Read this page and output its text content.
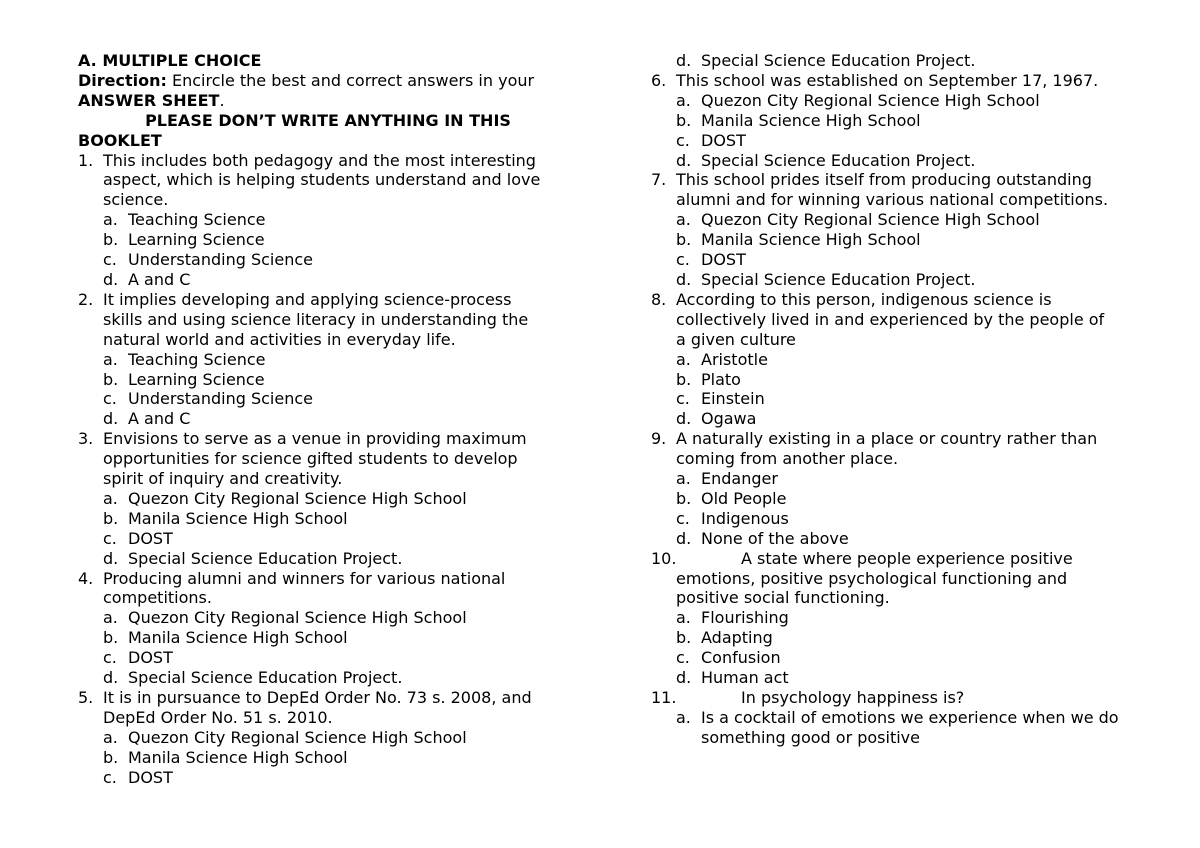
A. MULTIPLE CHOICE
Direction: Encircle the best and correct answers in your
ANSWER SHEET.
PLEASE DON’T WRITE ANYTHING IN THIS
BOOKLET
1. This includes both pedagogy and the most interesting
aspect, which is helping students understand and love
science.
a. Teaching Science
b. Learning Science
c. Understanding Science
d. A and C
2. It implies developing and applying science-process
skills and using science literacy in understanding the
natural world and activities in everyday life.
a. Teaching Science
b. Learning Science
c. Understanding Science
d. A and C
3. Envisions to serve as a venue in providing maximum
opportunities for science gifted students to develop
spirit of inquiry and creativity.
a. Quezon City Regional Science High School
b. Manila Science High School
c. DOST
d. Special Science Education Project.
4. Producing alumni and winners for various national
competitions.
a. Quezon City Regional Science High School
b. Manila Science High School
c. DOST
d. Special Science Education Project.
5. It is in pursuance to DepEd Order No. 73 s. 2008, and
DepEd Order No. 51 s. 2010.
a. Quezon City Regional Science High School
b. Manila Science High School
c. DOST
d. Special Science Education Project.
6. This school was established on September 17, 1967.
a. Quezon City Regional Science High School
b. Manila Science High School
c. DOST
d. Special Science Education Project.
7. This school prides itself from producing outstanding
alumni and for winning various national competitions.
a. Quezon City Regional Science High School
b. Manila Science High School
c. DOST
d. Special Science Education Project.
8. According to this person, indigenous science is
collectively lived in and experienced by the people of
a given culture
a. Aristotle
b. Plato
c. Einstein
d. Ogawa
9. A naturally existing in a place or country rather than
coming from another place.
a. Endanger
b. Old People
c. Indigenous
d. None of the above
10.	A state where people experience positive
emotions, positive psychological functioning and
positive social functioning.
a. Flourishing
b. Adapting
c. Confusion
d. Human act
11.	In psychology happiness is?
a. Is a cocktail of emotions we experience when we do
something good or positive
